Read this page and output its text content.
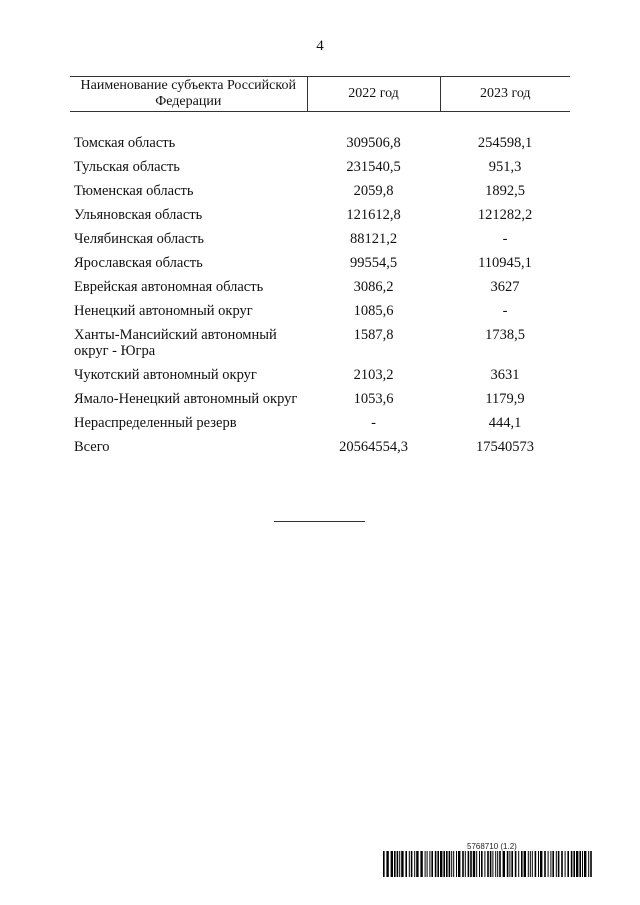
4
Наименование субъекта Российской Федерации	2022 год	2023 год

Томская область	309506,8	254598,1
Тульская область	231540,5	951,3
Тюменская область	2059,8	1892,5
Ульяновская область	121612,8	121282,2
Челябинская область	88121,2	-
Ярославская область	99554,5	110945,1
Еврейская автономная область	3086,2	3627
Ненецкий автономный округ	1085,6	-
Ханты-Мансийский автономный округ - Югра	1587,8	1738,5
Чукотский автономный округ	2103,2	3631
Ямало-Ненецкий автономный округ	1053,6	1179,9
Нераспределенный резерв	-	444,1
Всего	20564554,3	17540573
5768710 (1.2)
